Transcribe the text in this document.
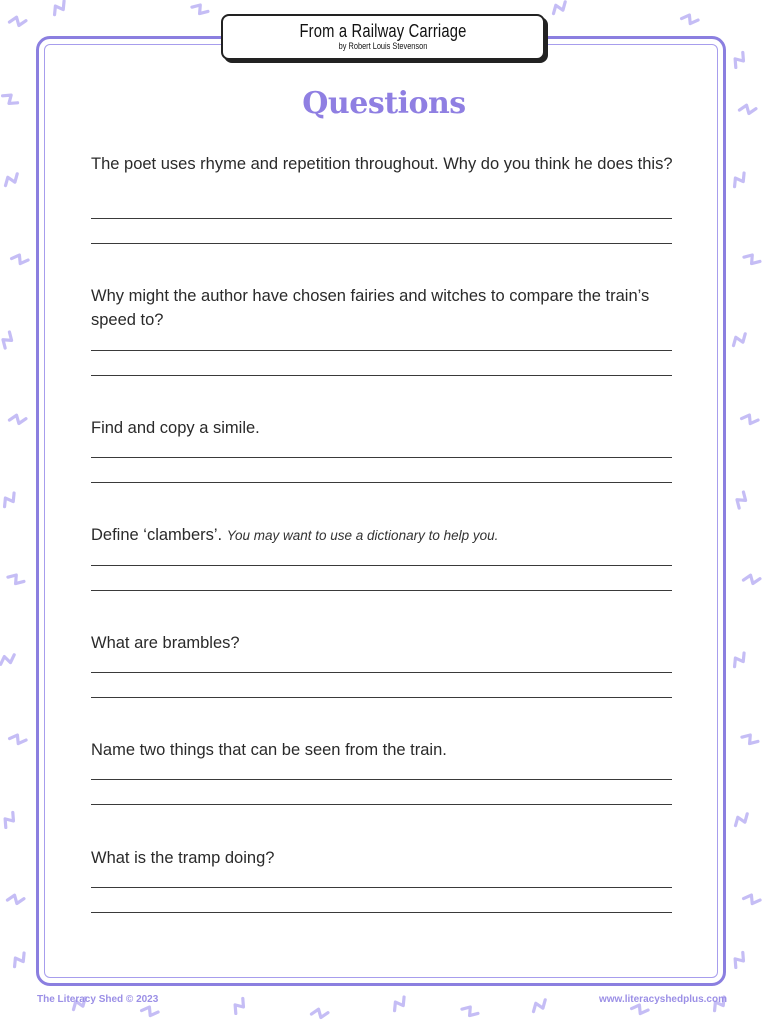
From a Railway Carriage
by Robert Louis Stevenson
Questions
The poet uses rhyme and repetition throughout. Why do you think he does this?
Why might the author have chosen fairies and witches to compare the train’s speed to?
Find and copy a simile.
Define ‘clambers’. You may want to use a dictionary to help you.
What are brambles?
Name two things that can be seen from the train.
What is the tramp doing?
The Literacy Shed © 2023	www.literacyshedplus.com
